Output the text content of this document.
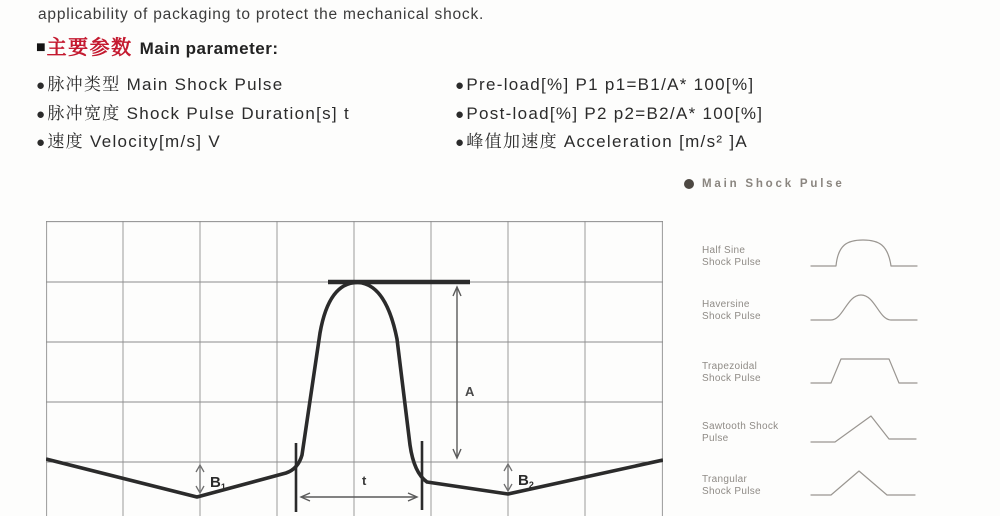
applicability of packaging to protect the mechanical shock.
■ 主要参数 Main parameter:
●脉冲类型 Main Shock Pulse
●脉冲宽度 Shock Pulse Duration[s] t
●速度 Velocity[m/s] V
●Pre-load[%] P1 p1=B1/A* 100[%]
●Post-load[%] P2 p2=B2/A* 100[%]
●峰值加速度 Acceleration [m/s² ]A
A
t
$B_1$	$B_2$
Main Shock Pulse
Half Sine
Shock Pulse
Haversine
Shock Pulse
Trapezoidal
Shock Pulse
Sawtooth Shock
Pulse
Trangular
Shock Pulse
